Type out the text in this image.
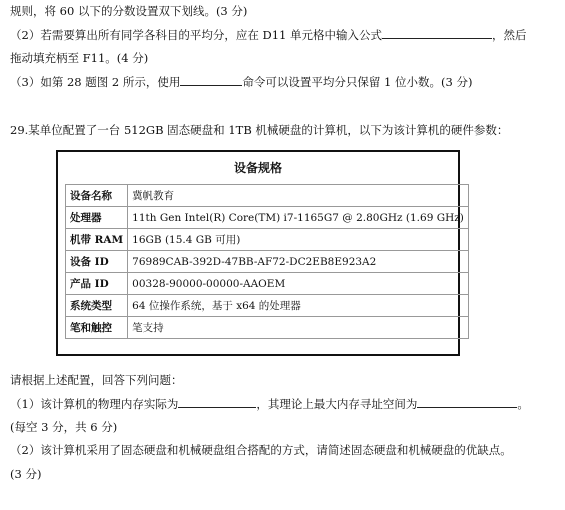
规则，将 60 以下的分数设置双下划线。(3 分)
（2）若需要算出所有同学各科目的平均分，应在 D11 单元格中输入公式	，然后
拖动填充柄至 F11。(4 分)
（3）如第 28 题图 2 所示，使用	命令可以设置平均分只保留 1 位小数。(3 分)
29.某单位配置了一台 512GB 固态硬盘和 1TB 机械硬盘的计算机，以下为该计算机的硬件参数：
设备规格
设备名称	冀帆教育
处理器	11th Gen Intel(R) Core(TM) i7-1165G7 @ 2.80GHz (1.69 GHz)
机带 RAM	16GB (15.4 GB 可用)
设备 ID	76989CAB-392D-47BB-AF72-DC2EB8E923A2
产品 ID	00328-90000-00000-AAOEM
系统类型	64 位操作系统，基于 x64 的处理器
笔和触控	笔支持
请根据上述配置，回答下列问题：
（1）该计算机的物理内存实际为	，其理论上最大内存寻址空间为	。
(每空 3 分，共 6 分)
（2）该计算机采用了固态硬盘和机械硬盘组合搭配的方式，请简述固态硬盘和机械硬盘的优缺点。
(3 分)
